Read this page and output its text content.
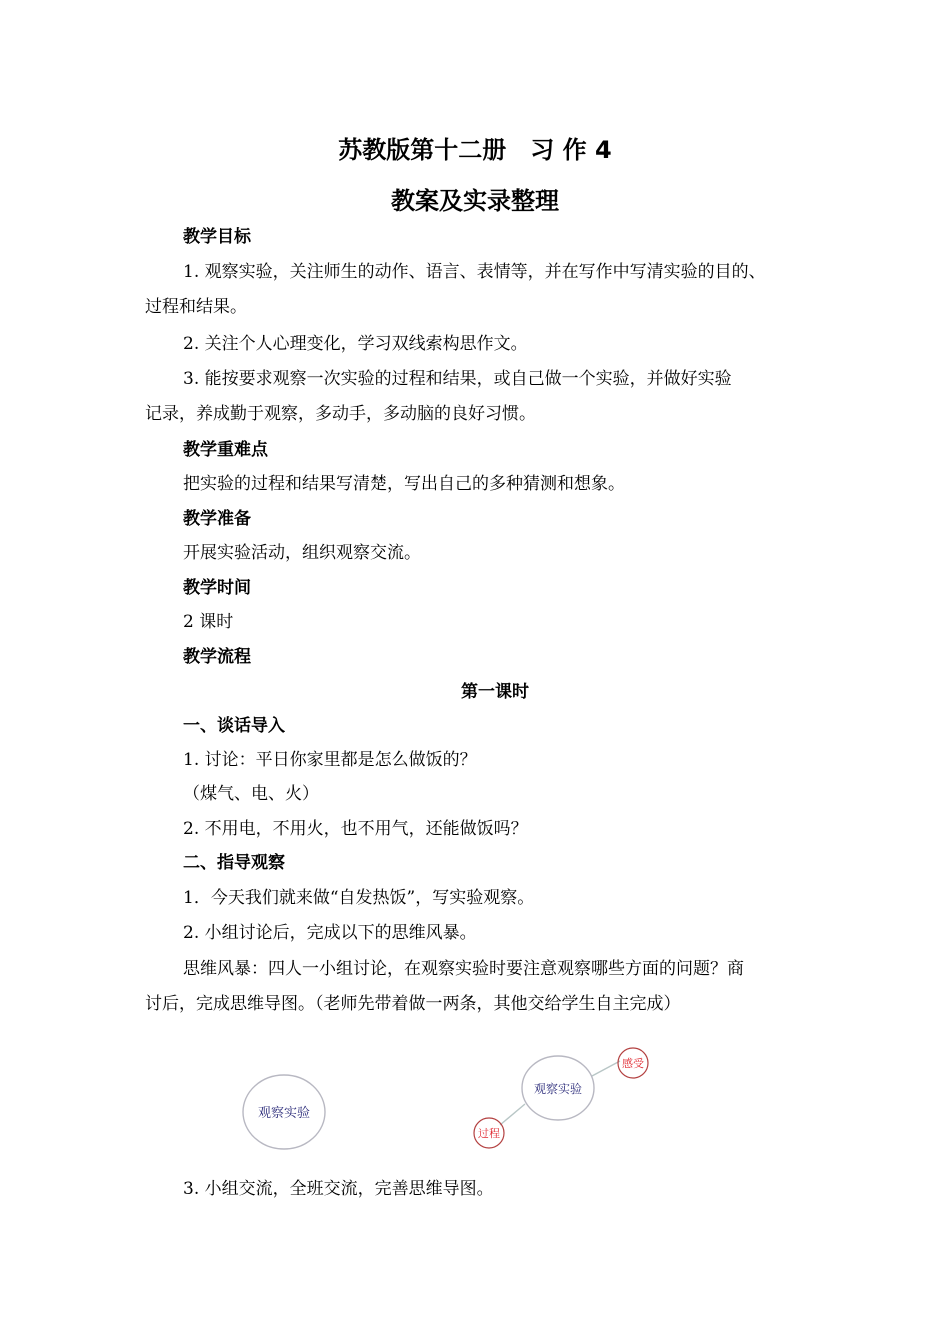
苏教版第十二册　习 作 4
教案及实录整理
教学目标
1. 观察实验，关注师生的动作、语言、表情等，并在写作中写清实验的目的、
过程和结果。
2. 关注个人心理变化，学习双线索构思作文。
3. 能按要求观察一次实验的过程和结果，或自己做一个实验，并做好实验
记录，养成勤于观察，多动手，多动脑的良好习惯。
教学重难点
把实验的过程和结果写清楚，写出自己的多种猜测和想象。
教学准备
开展实验活动，组织观察交流。
教学时间
2 课时
教学流程
第一课时
一、谈话导入
1. 讨论：平日你家里都是怎么做饭的？
（煤气、电、火）
2. 不用电，不用火，也不用气，还能做饭吗？
二、指导观察
1．今天我们就来做“自发热饭”，写实验观察。
2. 小组讨论后，完成以下的思维风暴。
思维风暴：四人一小组讨论，在观察实验时要注意观察哪些方面的问题？商
讨后，完成思维导图。（老师先带着做一两条，其他交给学生自主完成）
观察实验
观察实验
感受
过程
3. 小组交流，全班交流，完善思维导图。
